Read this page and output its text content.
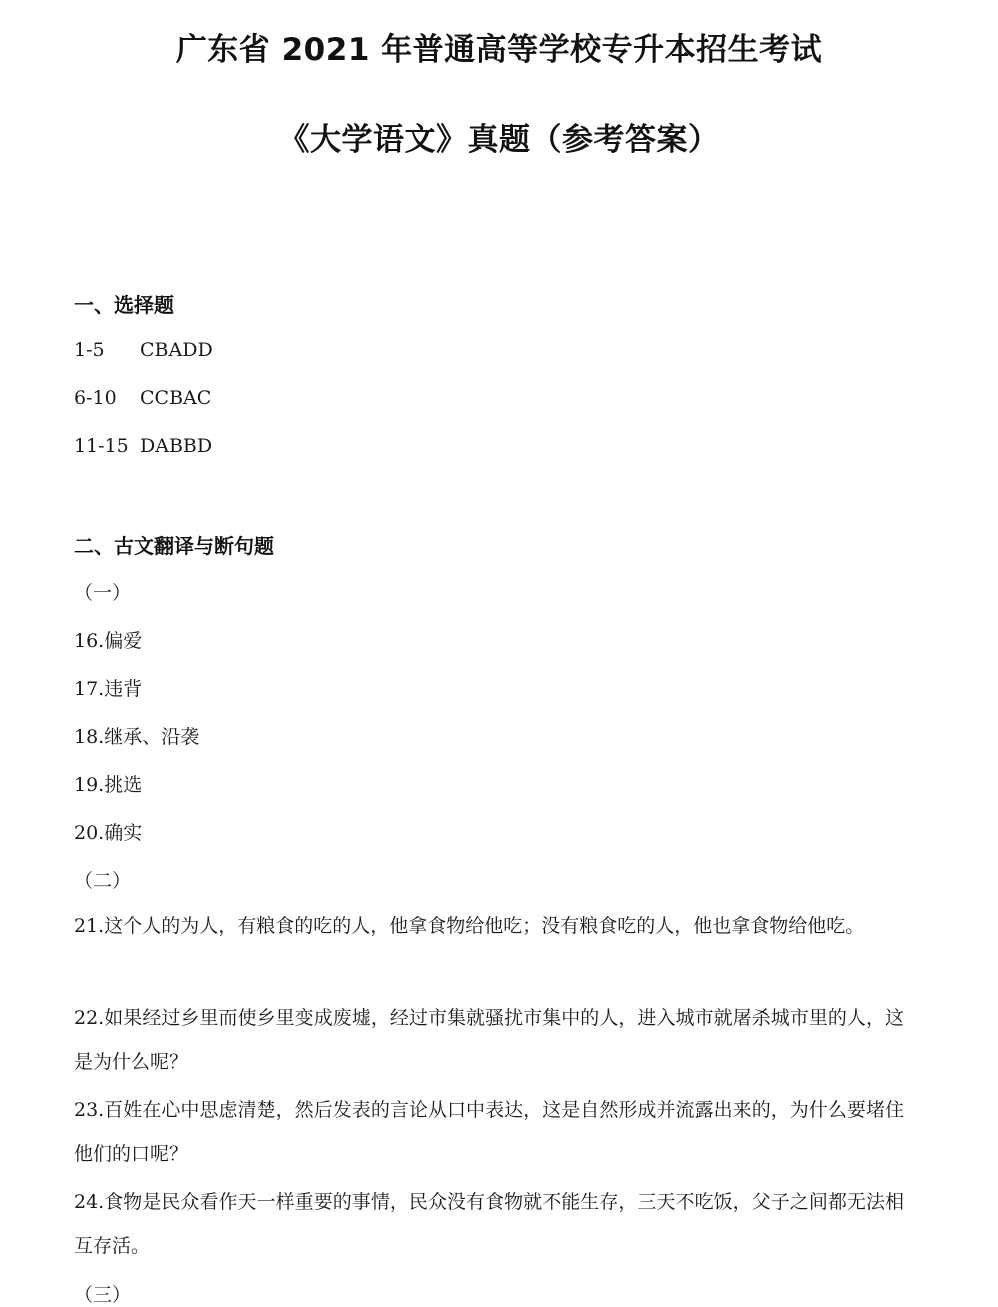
广东省 2021 年普通高等学校专升本招生考试
《大学语文》真题（参考答案）
一、选择题
1-5 CBADD
6-10 CCBAC
11-15 DABBD
二、古文翻译与断句题
（一）
16.偏爱
17.违背
18.继承、沿袭
19.挑选
20.确实
（二）
21.这个人的为人，有粮食的吃的人，他拿食物给他吃；没有粮食吃的人，他也拿食物给他吃。
22.如果经过乡里而使乡里变成废墟，经过市集就骚扰市集中的人，进入城市就屠杀城市里的人，这是为什么呢？
23.百姓在心中思虑清楚，然后发表的言论从口中表达，这是自然形成并流露出来的，为什么要堵住他们的口呢？
24.食物是民众看作天一样重要的事情，民众没有食物就不能生存，三天不吃饭，父子之间都无法相互存活。
（三）
